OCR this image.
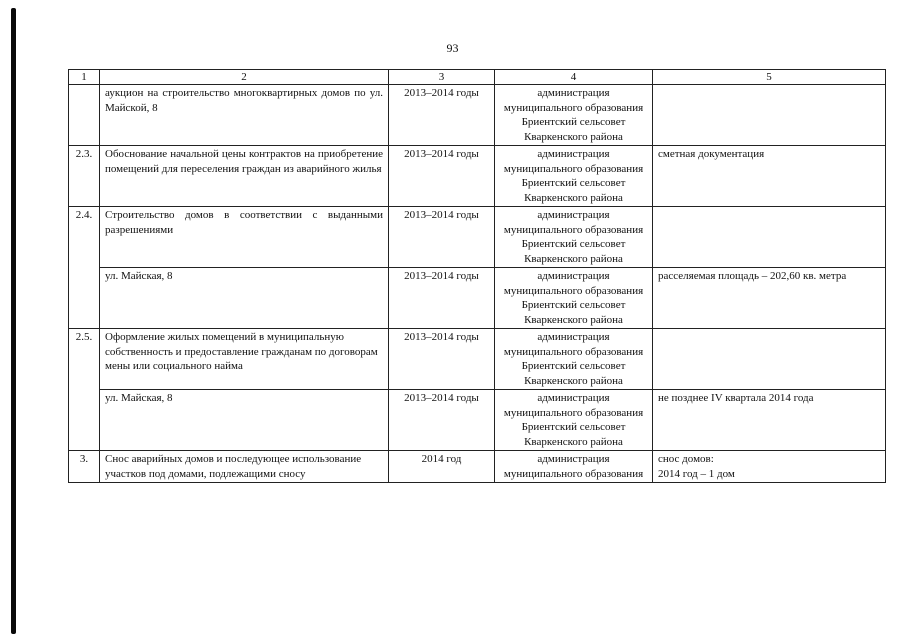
93
1	2	3	4	5
	аукцион на строительство многоквартирных домов по ул. Майской, 8	2013–2014 годы	администрация муниципального образования Бриентский сельсовет Кваркенского района	
2.3.	Обоснование начальной цены контрактов на приобретение помещений для переселения граждан из аварийного жилья	2013–2014 годы	администрация муниципального образования Бриентский сельсовет Кваркенского района	сметная документация
2.4.	Строительство домов в соответствии с выданными разрешениями	2013–2014 годы	администрация муниципального образования Бриентский сельсовет Кваркенского района	
	ул. Майская, 8	2013–2014 годы	администрация муниципального образования Бриентский сельсовет Кваркенского района	расселяемая площадь – 202,60 кв. метра
2.5.	Оформление жилых помещений в муниципальную собственность и предоставление гражданам по договорам мены или социального найма	2013–2014 годы	администрация муниципального образования Бриентский сельсовет Кваркенского района	
	ул. Майская, 8	2013–2014 годы	администрация муниципального образования Бриентский сельсовет Кваркенского района	не позднее IV квартала 2014 года
3.	Снос аварийных домов и последующее использование участков под домами, подлежащими сносу	2014 год	администрация муниципального образования	снос домов:
2014 год – 1 дом
